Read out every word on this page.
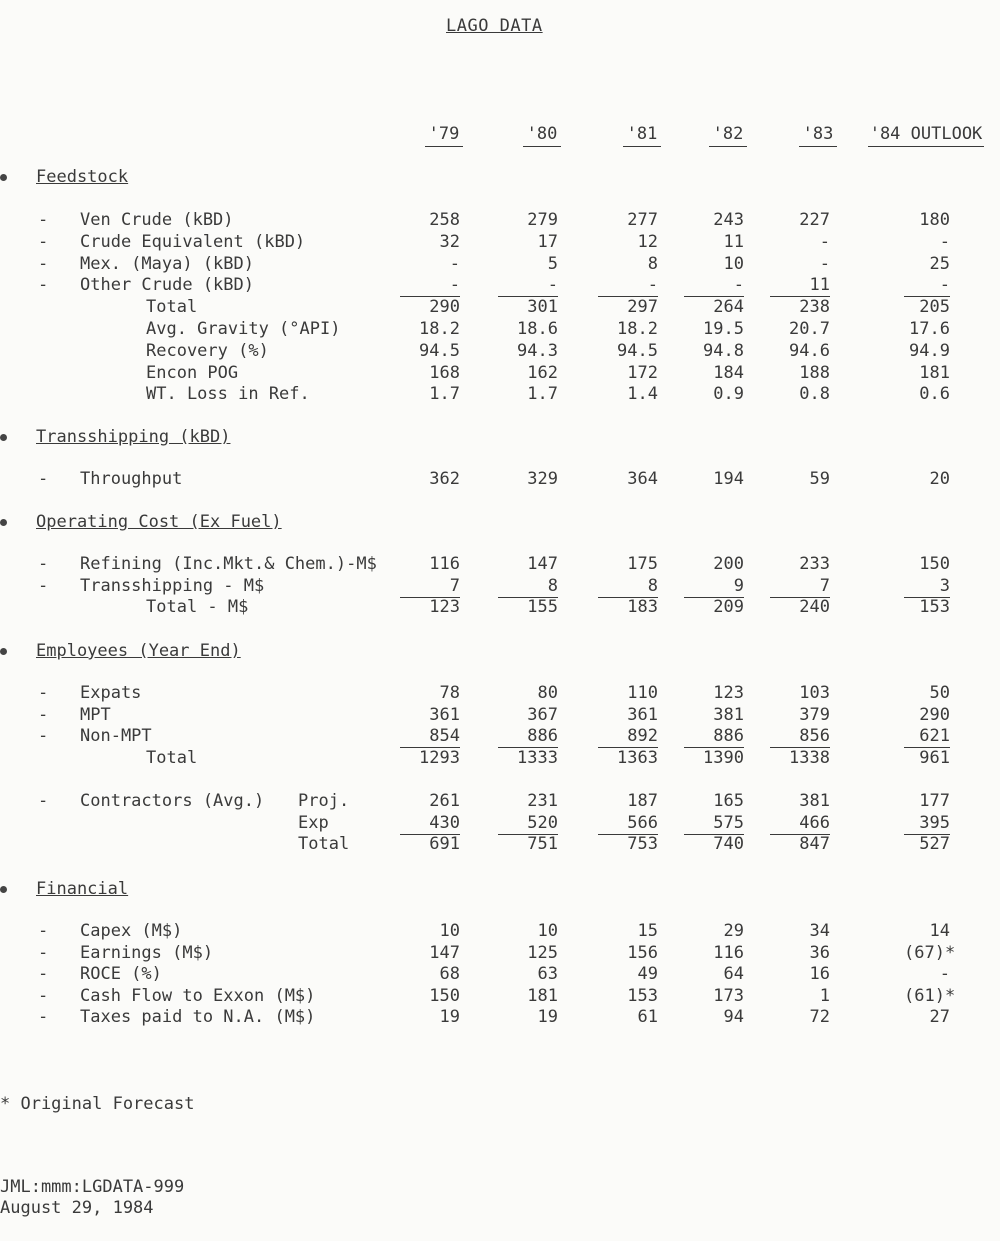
LAGO DATA
'79	'80	'81	'82	'83	'84 OUTLOOK
Feedstock
- Ven Crude (kBD)	258	279	277	243	227	180
- Crude Equivalent (kBD)	32	17	12	11	-	-
- Mex. (Maya) (kBD)	-	5	8	10	-	25
- Other Crude (kBD)	-	-	-	-	11	-
Total	290	301	297	264	238	205
Avg. Gravity (°API)	18.2	18.6	18.2	19.5	20.7	17.6
Recovery (%)	94.5	94.3	94.5	94.8	94.6	94.9
Encon POG	168	162	172	184	188	181
WT. Loss in Ref.	1.7	1.7	1.4	0.9	0.8	0.6
Transshipping (kBD)
- Throughput	362	329	364	194	59	20
Operating Cost (Ex Fuel)
- Refining (Inc.Mkt.& Chem.)-M$	116	147	175	200	233	150
- Transshipping - M$	7	8	8	9	7	3
Total - M$	123	155	183	209	240	153
Employees (Year End)
- Expats	78	80	110	123	103	50
- MPT	361	367	361	381	379	290
- Non-MPT	854	886	892	886	856	621
Total	1293	1333	1363	1390	1338	961
- Contractors (Avg.) Proj.	261	231	187	165	381	177
Exp	430	520	566	575	466	395
Total	691	751	753	740	847	527
Financial
- Capex (M$)	10	10	15	29	34	14
- Earnings (M$)	147	125	156	116	36	(67)*
- ROCE (%)	68	63	49	64	16	-
- Cash Flow to Exxon (M$)	150	181	153	173	1	(61)*
- Taxes paid to N.A. (M$)	19	19	61	94	72	27
* Original Forecast
JML:mmm:LGDATA-999
August 29, 1984
